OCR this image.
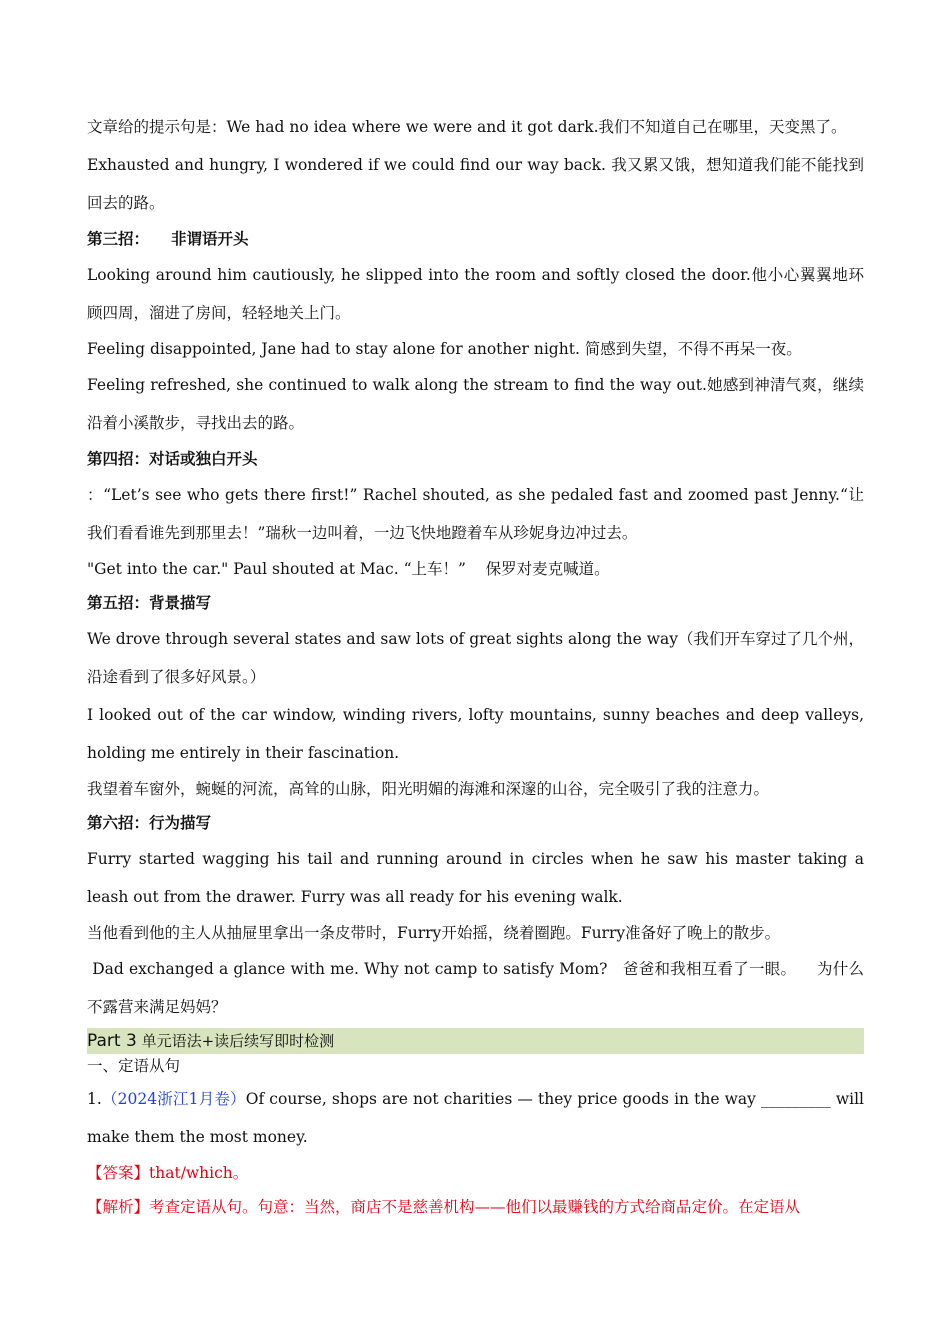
文章给的提示句是：We had no idea where we were and it got dark.我们不知道自己在哪里，天变黑了。

Exhausted and hungry, I wondered if we could find our way back. 我又累又饿，想知道我们能不能找到回去的路。

第三招： 非谓语开头

Looking around him cautiously, he slipped into the room and softly closed the door.他小心翼翼地环顾四周，溜进了房间，轻轻地关上门。

Feeling disappointed, Jane had to stay alone for another night. 简感到失望，不得不再呆一夜。

Feeling refreshed, she continued to walk along the stream to find the way out.她感到神清气爽，继续沿着小溪散步，寻找出去的路。

第四招：对话或独白开头

：“Let’s see who gets there first!” Rachel shouted, as she pedaled fast and zoomed past Jenny.“让我们看看谁先到那里去！”瑞秋一边叫着，一边飞快地蹬着车从珍妮身边冲过去。

"Get into the car." Paul shouted at Mac. “上车！”    保罗对麦克喊道。

第五招：背景描写

We drove through several states and saw lots of great sights along the way（我们开车穿过了几个州，沿途看到了很多好风景。）

I looked out of the car window, winding rivers, lofty mountains, sunny beaches and deep valleys, holding me entirely in their fascination.

我望着车窗外，蜿蜒的河流，高耸的山脉，阳光明媚的海滩和深邃的山谷，完全吸引了我的注意力。

第六招：行为描写

Furry started wagging his tail and running around in circles when he saw his master taking a leash out from the drawer. Furry was all ready for his evening walk.

当他看到他的主人从抽屉里拿出一条皮带时，Furry开始摇，绕着圈跑。Furry准备好了晚上的散步。

Dad exchanged a glance with me. Why not camp to satisfy Mom?   爸爸和我相互看了一眼。    为什么不露营来满足妈妈？

Part 3 单元语法+读后续写即时检测

一、定语从句

1.（2024浙江1月卷）Of course, shops are not charities — they price goods in the way _________ will make them the most money.

【答案】that/which。

【解析】考查定语从句。句意：当然，商店不是慈善机构——他们以最赚钱的方式给商品定价。在定语从
